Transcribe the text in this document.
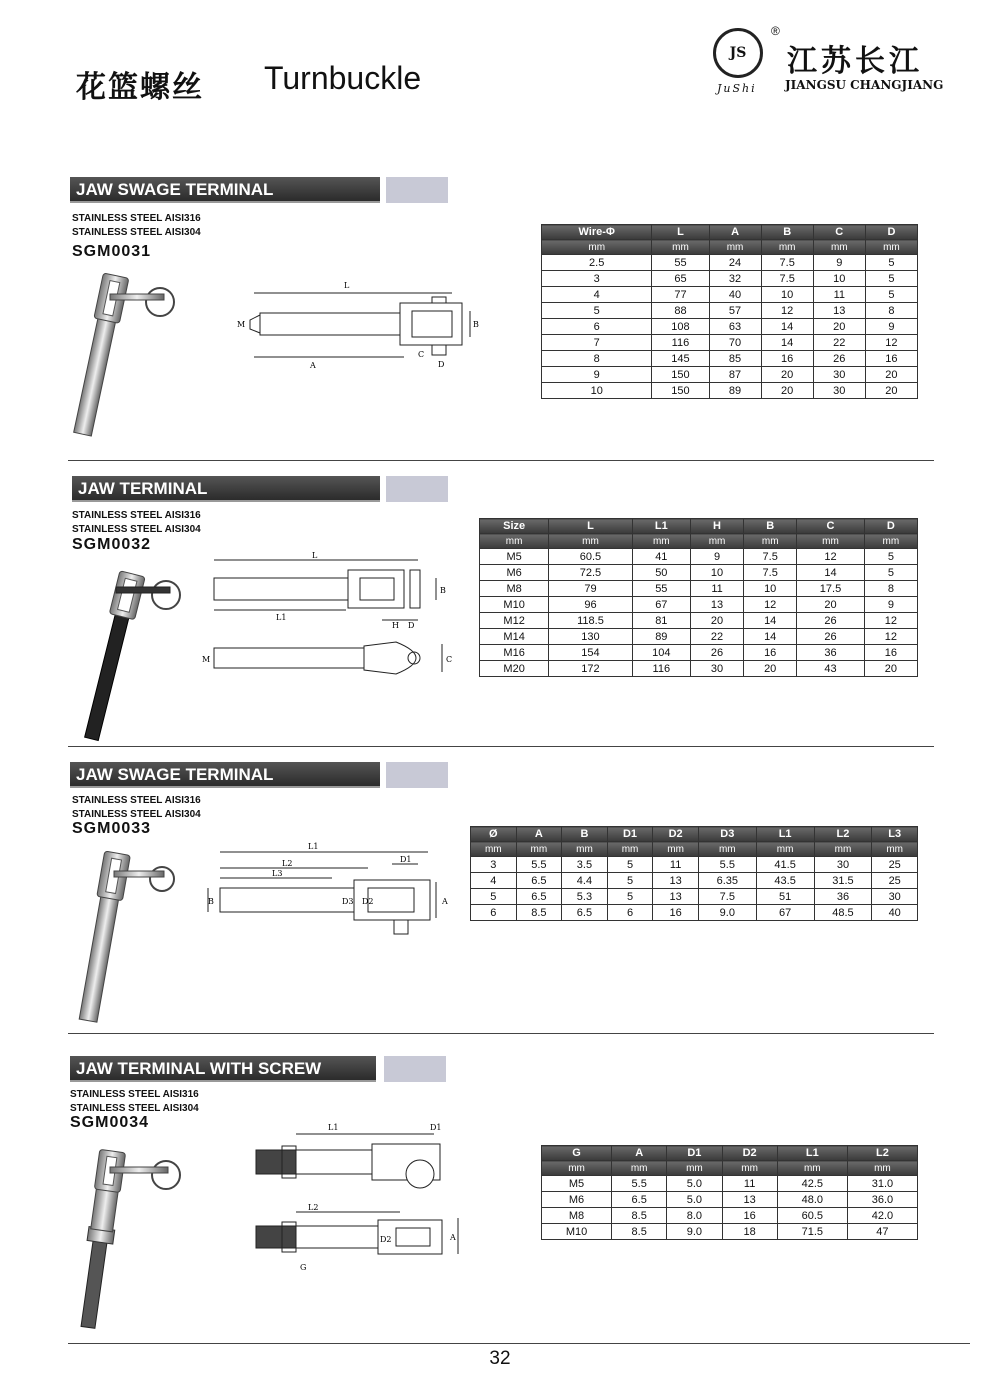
花篮螺丝 Turnbuckle
JS
®
江苏长江
JIANGSU CHANGJIANG
JuShi
JAW SWAGE TERMINAL
STAINLESS STEEL AISI316
STAINLESS STEEL AISI304
SGM0031
L
A
B
C
D
M
Wire-Φ	L	A	B	C	D
mm	mm	mm	mm	mm	mm
2.5	55	24	7.5	9	5
3	65	32	7.5	10	5
4	77	40	10	11	5
5	88	57	12	13	8
6	108	63	14	20	9
7	116	70	14	22	12
8	145	85	16	26	16
9	150	87	20	30	20
10	150	89	20	30	20
JAW TERMINAL
STAINLESS STEEL AISI316
STAINLESS STEEL AISI304
SGM0032
L
L1
H
B
D
M	C
Size	L	L1	H	B	C	D
mm	mm	mm	mm	mm	mm	mm
M5	60.5	41	9	7.5	12	5
M6	72.5	50	10	7.5	14	5
M8	79	55	11	10	17.5	8
M10	96	67	13	12	20	9
M12	118.5	81	20	14	26	12
M14	130	89	22	14	26	12
M16	154	104	26	16	36	16
M20	172	116	30	20	43	20
JAW SWAGE TERMINAL
STAINLESS STEEL AISI316
STAINLESS STEEL AISI304
SGM0033
L1
L2
L3
D1
D2
D3
B	A
Ø	A	B	D1	D2	D3	L1	L2	L3
mm	mm	mm	mm	mm	mm	mm	mm	mm
3	5.5	3.5	5	11	5.5	41.5	30	25
4	6.5	4.4	5	13	6.35	43.5	31.5	25
5	6.5	5.3	5	13	7.5	51	36	30
6	8.5	6.5	6	16	9.0	67	48.5	40
JAW TERMINAL WITH SCREW
STAINLESS STEEL AISI316
STAINLESS STEEL AISI304
SGM0034	L1	D1
L2
D2	A
G
G	A	D1	D2	L1	L2
mm	mm	mm	mm	mm	mm
M5	5.5	5.0	11	42.5	31.0
M6	6.5	5.0	13	48.0	36.0
M8	8.5	8.0	16	60.5	42.0
M10	8.5	9.0	18	71.5	47
32
